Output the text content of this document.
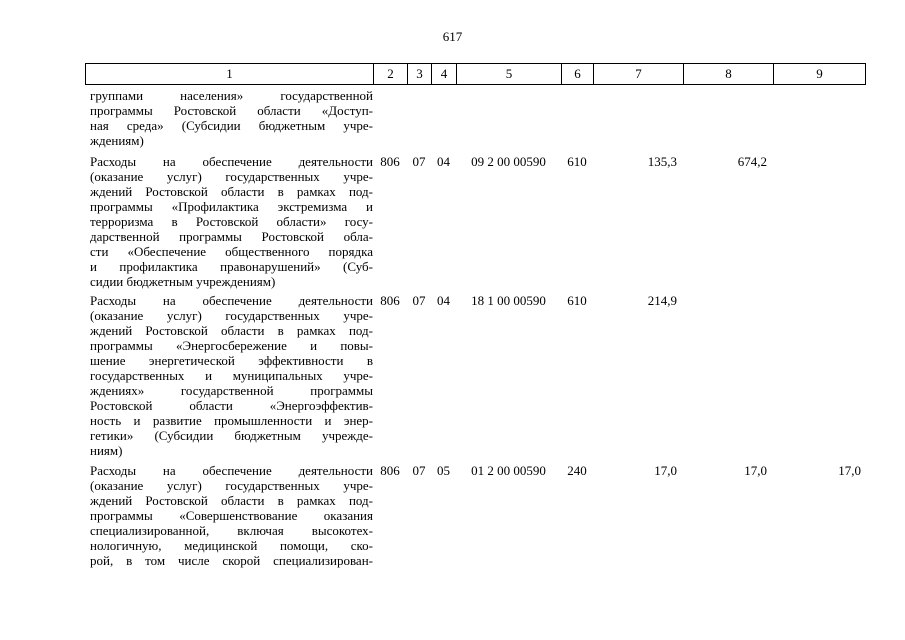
617
1	2	3	4	5	6	7	8	9
группами населения» государственной
программы Ростовской области «Доступ-
ная среда» (Субсидии бюджетным учре-
ждениям)
Расходы на обеспечение деятельности
(оказание услуг) государственных учре-
ждений Ростовской области в рамках под-
программы «Профилактика экстремизма и
терроризма в Ростовской области» госу-
дарственной программы Ростовской обла-
сти «Обеспечение общественного порядка
и профилактика правонарушений» (Суб-
сидии бюджетным учреждениям)
806 07 04	09 2 00 00590	610	135,3	674,2
Расходы на обеспечение деятельности
(оказание услуг) государственных учре-
ждений Ростовской области в рамках под-
программы «Энергосбережение и повы-
шение энергетической эффективности в
государственных и муниципальных учре-
ждениях» государственной программы
Ростовской области «Энергоэффектив-
ность и развитие промышленности и энер-
гетики» (Субсидии бюджетным учрежде-
ниям)
806 07 04	18 1 00 00590	610	214,9
Расходы на обеспечение деятельности
(оказание услуг) государственных учре-
ждений Ростовской области в рамках под-
программы «Совершенствование оказания
специализированной, включая высокотех-
нологичную, медицинской помощи, ско-
рой, в том числе скорой специализирован-
806 07 05	01 2 00 00590	240	17,0	17,0	17,0
